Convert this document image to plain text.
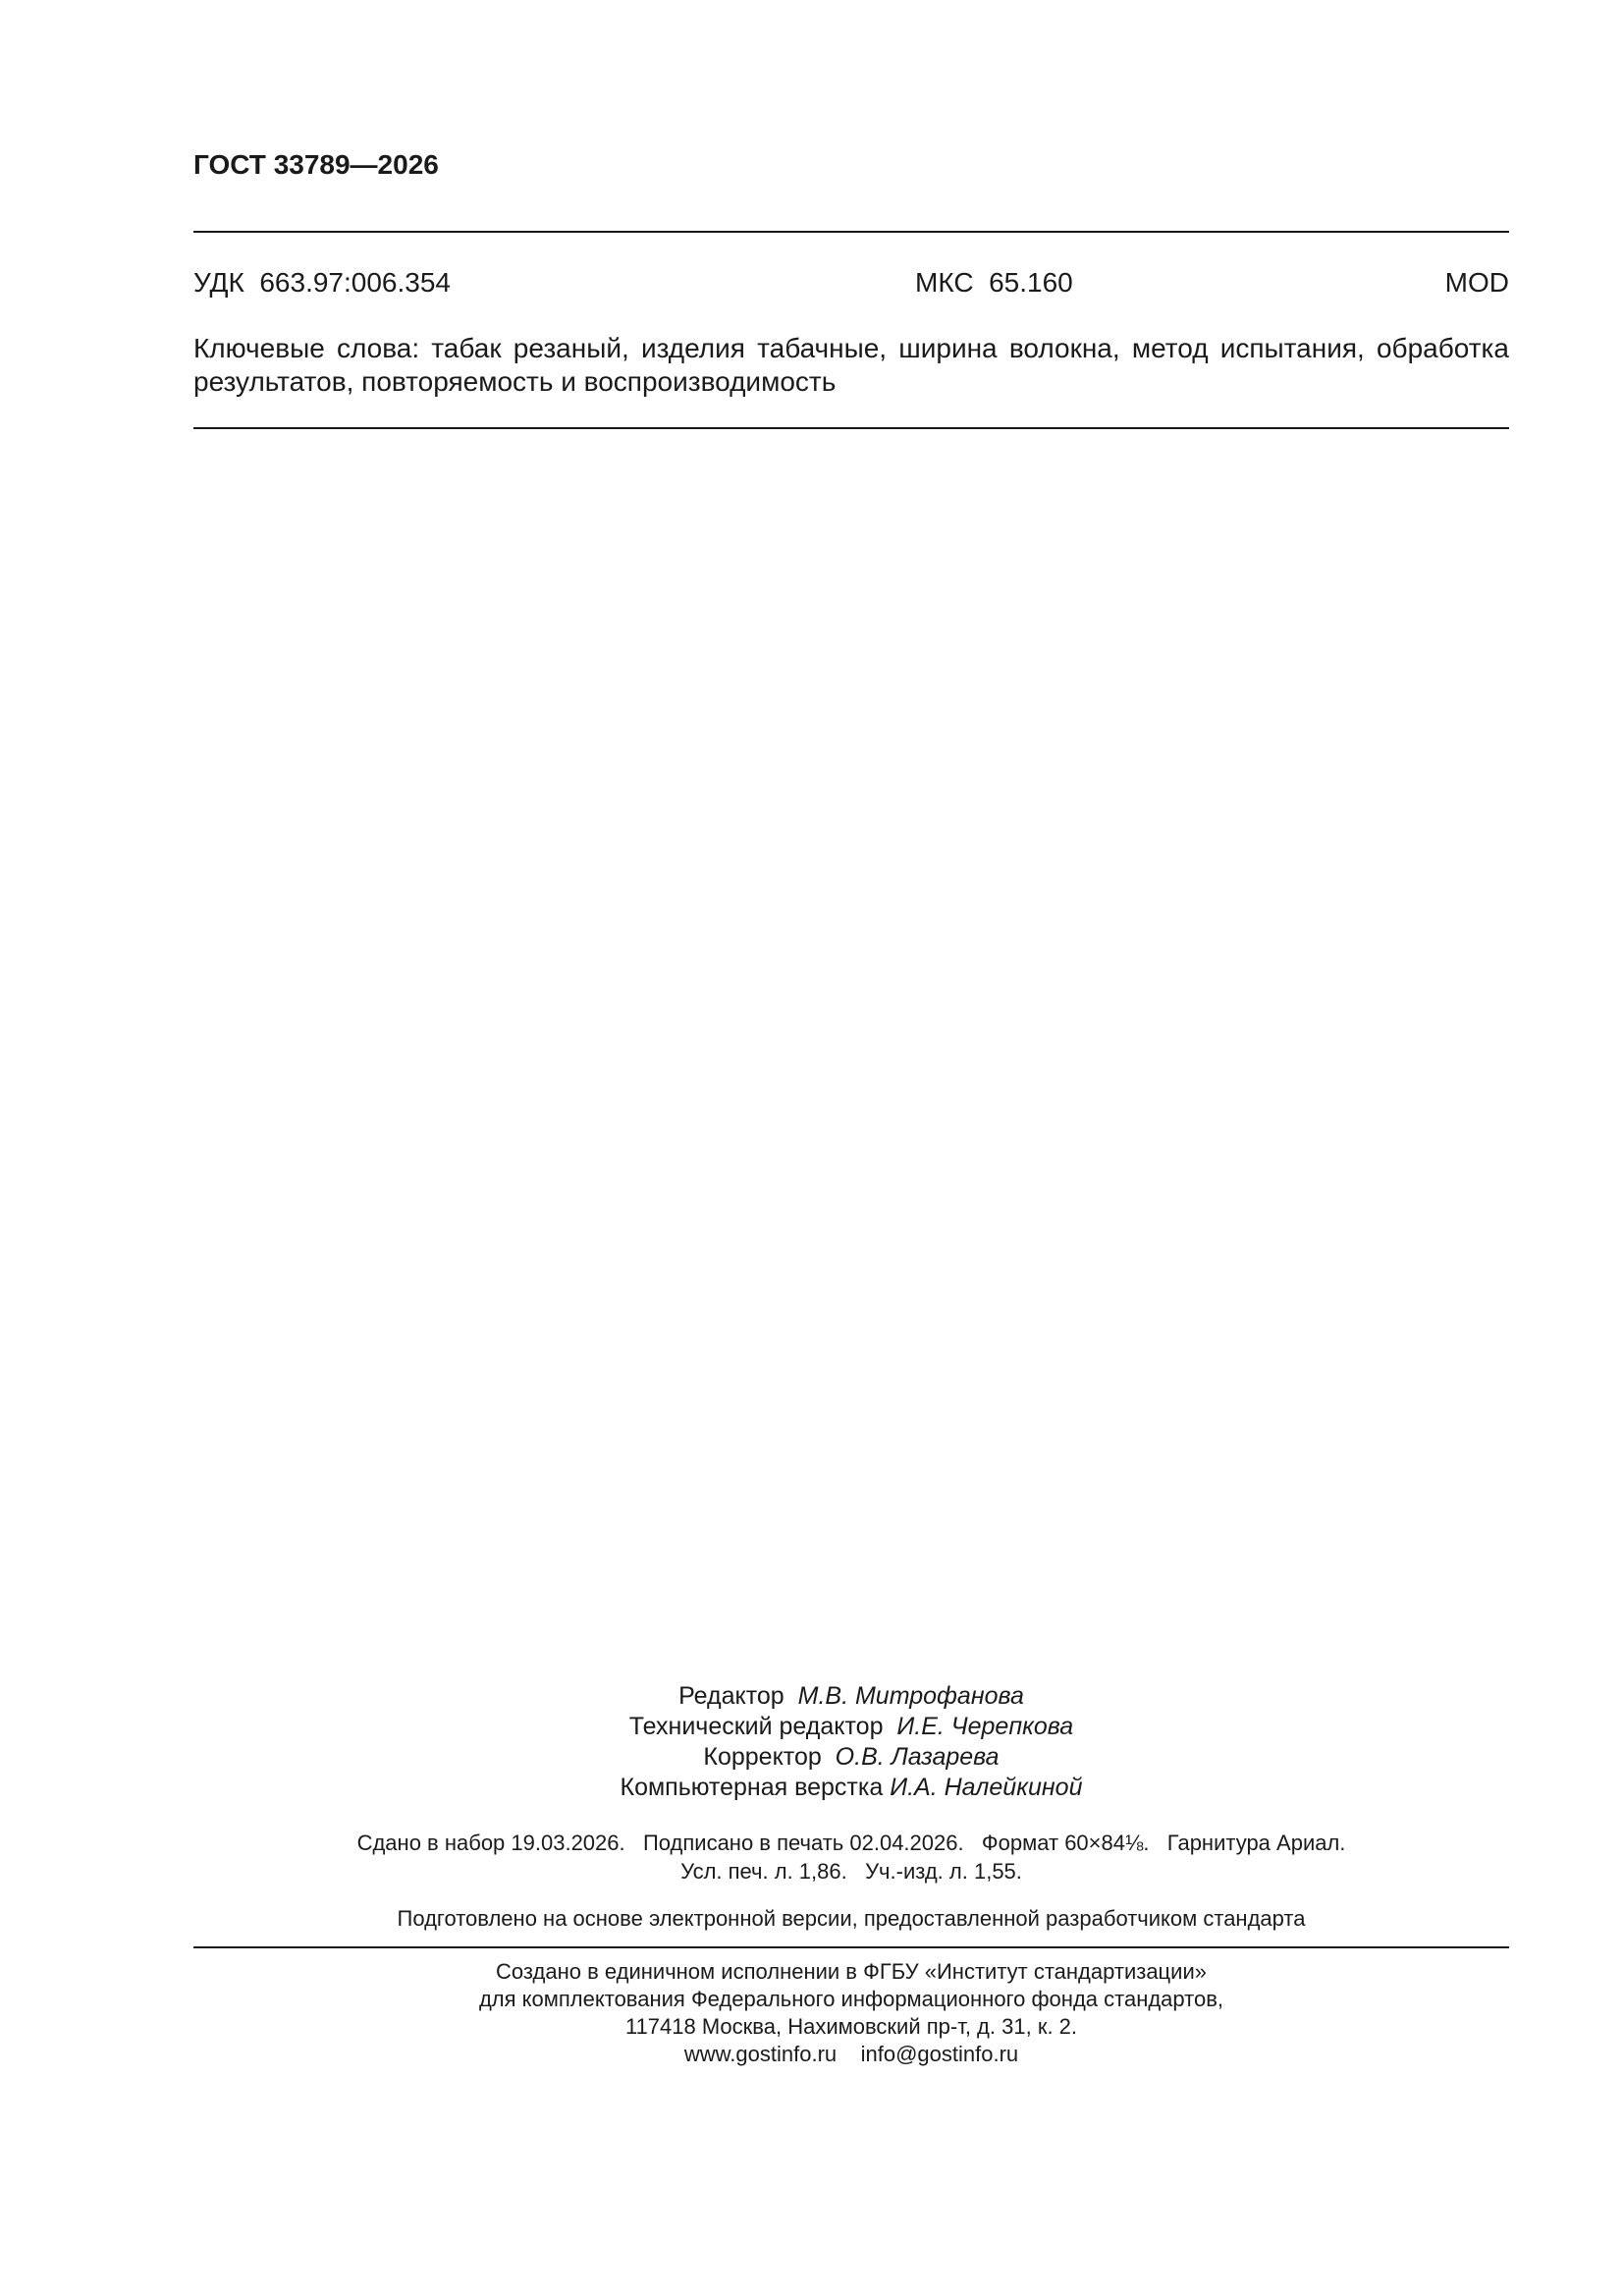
ГОСТ 33789—2026
УДК  663.97:006.354	МКС  65.160	MOD

Ключевые слова: табак резаный, изделия табачные, ширина волокна, метод испытания, обработка результатов, повторяемость и воспроизводимость

Редактор М.В. Митрофанова
Технический редактор И.Е. Черепкова
Корректор О.В. Лазарева
Компьютерная верстка И.А. Налейкиной
Сдано в набор 19.03.2026.   Подписано в печать 02.04.2026.   Формат 60×84⅛.   Гарнитура Ариал.
Усл. печ. л. 1,86.   Уч.-изд. л. 1,55.
Подготовлено на основе электронной версии, предоставленной разработчиком стандарта
Создано в единичном исполнении в ФГБУ «Институт стандартизации»
для комплектования Федерального информационного фонда стандартов,
117418 Москва, Нахимовский пр-т, д. 31, к. 2.
www.gostinfo.ru    info@gostinfo.ru
